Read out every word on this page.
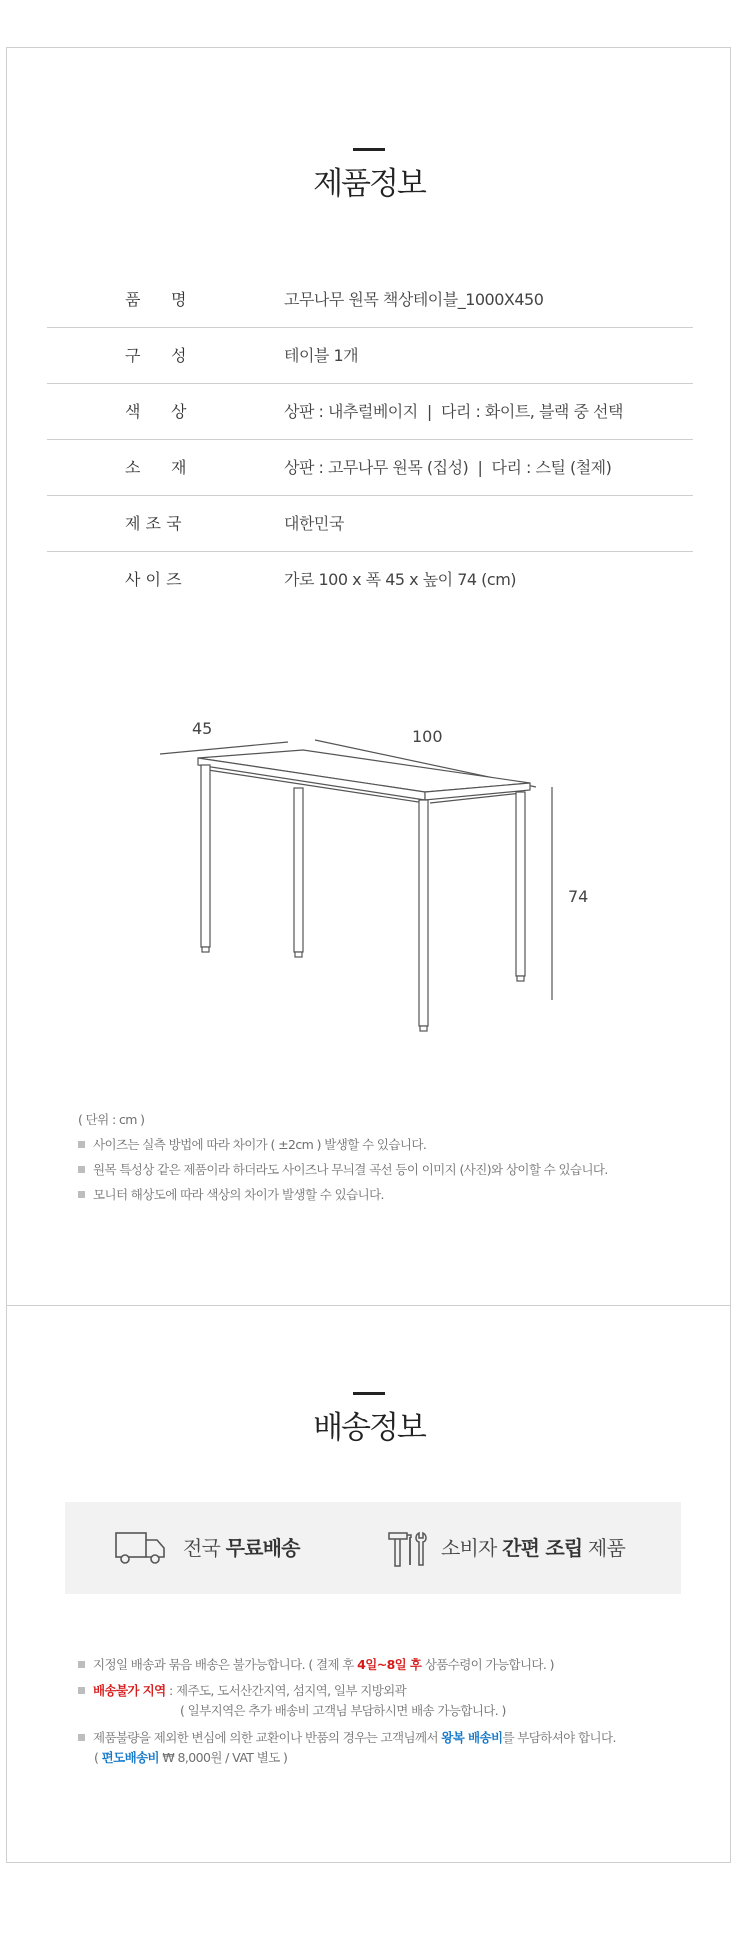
제품정보
품      명	고무나무 원목 책상테이블_1000X450
구      성	테이블 1개
색      상	상판 : 내추럴베이지  |  다리 : 화이트, 블랙 중 선택
소      재	상판 : 고무나무 원목 (집성)  |  다리 : 스틸 (철제)
제 조 국	대한민국
사 이 즈	가로 100 x 폭 45 x 높이 74 (cm)
45	100
74
( 단위 : cm )
사이즈는 실측 방법에 따라 차이가 ( ±2cm ) 발생할 수 있습니다.
원목 특성상 같은 제품이라 하더라도 사이즈나 무늬결 곡선 등이 이미지 (사진)와 상이할 수 있습니다.
모니터 해상도에 따라 색상의 차이가 발생할 수 있습니다.
배송정보
전국 무료배송	소비자 간편 조립 제품
지정일 배송과 묶음 배송은 불가능합니다. ( 결제 후 4일~8일 후 상품수령이 가능합니다. )
배송불가 지역 : 제주도, 도서산간지역, 섬지역, 일부 지방외곽
( 일부지역은 추가 배송비 고객님 부담하시면 배송 가능합니다. )
제품불량을 제외한 변심에 의한 교환이나 반품의 경우는 고객님께서 왕복 배송비를 부담하셔야 합니다.
( 편도배송비 ₩ 8,000원 / VAT 별도 )
